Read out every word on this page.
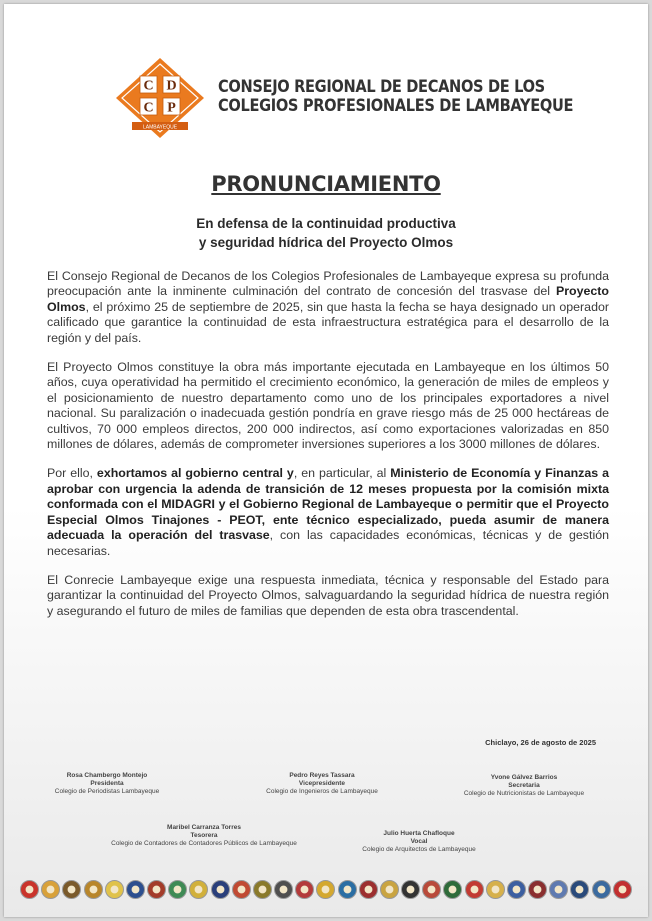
C D
C P
LAMBAYEQUE
CONSEJO REGIONAL DE DECANOS DE LOS
COLEGIOS PROFESIONALES DE LAMBAYEQUE
PRONUNCIAMIENTO
En defensa de la continuidad productiva
y seguridad hídrica del Proyecto Olmos

El Consejo Regional de Decanos de los Colegios Profesionales de Lambayeque expresa su profunda preocupación ante la inminente culminación del contrato de concesión del trasvase del Proyecto Olmos, el próximo 25 de septiembre de 2025, sin que hasta la fecha se haya designado un operador calificado que garantice la continuidad de esta infraestructura estratégica para el desarrollo de la región y del país.

El Proyecto Olmos constituye la obra más importante ejecutada en Lambayeque en los últimos 50 años, cuya operatividad ha permitido el crecimiento económico, la generación de miles de empleos y el posicionamiento de nuestro departamento como uno de los principales exportadores a nivel nacional. Su paralización o inadecuada gestión pondría en grave riesgo más de 25 000 hectáreas de cultivos, 70 000 empleos directos, 200 000 indirectos, así como exportaciones valorizadas en 850 millones de dólares, además de comprometer inversiones superiores a los 3000 millones de dólares.

Por ello, exhortamos al gobierno central y, en particular, al Ministerio de Economía y Finanzas a aprobar con urgencia la adenda de transición de 12 meses propuesta por la comisión mixta conformada con el MIDAGRI y el Gobierno Regional de Lambayeque o permitir que el Proyecto Especial Olmos Tinajones - PEOT, ente técnico especializado, pueda asumir de manera adecuada la operación del trasvase, con las capacidades económicas, técnicas y de gestión necesarias.

El Conrecie Lambayeque exige una respuesta inmediata, técnica y responsable del Estado para garantizar la continuidad del Proyecto Olmos, salvaguardando la seguridad hídrica de nuestra región y asegurando el futuro de miles de familias que dependen de esta obra trascendental.

Chiclayo, 26 de agosto de 2025
Rosa Chambergo Montejo
Presidenta
Colegio de Periodistas Lambayeque
Pedro Reyes Tassara
Vicepresidente
Colegio de Ingenieros de Lambayeque
Yvone Gálvez Barrios
Secretaria
Colegio de Nutricionistas de Lambayeque
Maribel Carranza Torres
Tesorera
Colegio de Contadores de Contadores Públicos de Lambayeque
Julio Huerta Chafloque
Vocal
Colegio de Arquitectos de Lambayeque
